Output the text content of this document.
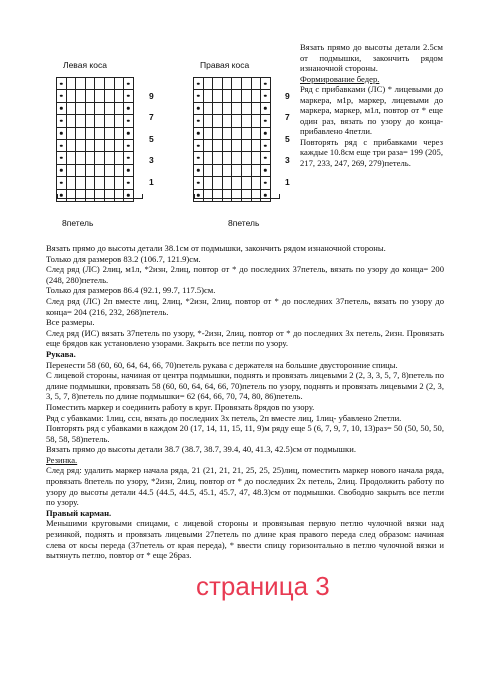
Левая коса

9
7
5
3
1
8петель
Правая коса

9
7
5
3
1
8петель

Вязать прямо до высоты детали 2.5см от подмышки, закончить рядом изнаночной стороны.

Формирование бедер.

Ряд с прибавками (ЛС) * лицевыми до маркера, м1р, маркер, лицевыми до маркера, маркер, м1л, повтор от * еще один раз, вязать по узору до конца- прибавлено 4петли.

Повторять ряд с прибавками через каждые 10.8см еще три раза= 199 (205, 217, 233, 247, 269, 279)петель.

Вязать прямо до высоты детали 38.1см от подмышки, закончить рядом изнаночной стороны.

Только для размеров 83.2 (106.7, 121.9)см.

След ряд (ЛС) 2лиц, м1л, *2изн, 2лиц, повтор от * до последних 37петель, вязать по узору до конца= 200 (248, 280)петель.

Только для размеров 86.4 (92.1, 99.7, 117.5)см.

След ряд (ЛС) 2п вместе лиц, 2лиц, *2изн, 2лиц, повтор от * до последних 37петель, вязать по узору до конца= 204 (216, 232, 268)петель.

Все размеры.

След ряд (ИС) вязать 37петель по узору, *-2изн, 2лиц, повтор от * до последних 3х петель, 2изн. Провязать еще 6рядов как установлено узорами. Закрыть все петли по узору.

Рукава.

Перенести 58 (60, 60, 64, 64, 66, 70)петель рукава с держателя на большие двусторонние спицы.

С лицевой стороны, начиная от центра подмышки, поднять и провязать лицевыми 2 (2, 3, 3, 5, 7, 8)петель по длине подмышки, провязать 58 (60, 60, 64, 64, 66, 70)петель по узору, поднять и провязать лицевыми 2 (2, 3, 3, 5, 7, 8)петель по длине подмышки= 62 (64, 66, 70, 74, 80, 86)петель.

Поместить маркер и соединить работу в круг. Провязать 8рядов по узору.

Ряд с убавками: 1лиц, ссн, вязать до последних 3х петель, 2п вместе лиц, 1лиц- убавлено 2петли.

Повторять ряд с убавками в каждом 20 (17, 14, 11, 15, 11, 9)м ряду еще 5 (6, 7, 9, 7, 10, 13)раз= 50 (50, 50, 50, 58, 58, 58)петель.

Вязать прямо до высоты детали 38.7 (38.7, 38.7, 39.4, 40, 41.3, 42.5)см от подмышки.

Резинка.

След ряд: удалить маркер начала ряда, 21 (21, 21, 21, 25, 25, 25)лиц, поместить маркер нового начала ряда, провязать 8петель по узору, *2изн, 2лиц, повтор от * до последних 2х петель, 2лиц. Продолжить работу по узору до высоты детали 44.5 (44.5, 44.5, 45.1, 45.7, 47, 48.3)см от подмышки. Свободно закрыть все петли по узору.

Правый карман.

Меньшими круговыми спицами, с лицевой стороны и провязывая первую петлю чулочной вязки над резинкой, поднять и провязать лицевыми 27петель по длине края правого переда след образом: начиная слева от косы переда (37петель от края переда), * ввести спицу горизонтально в петлю чулочной вязки и вытянуть петлю, повтор от * еще 26раз.

страница 3
